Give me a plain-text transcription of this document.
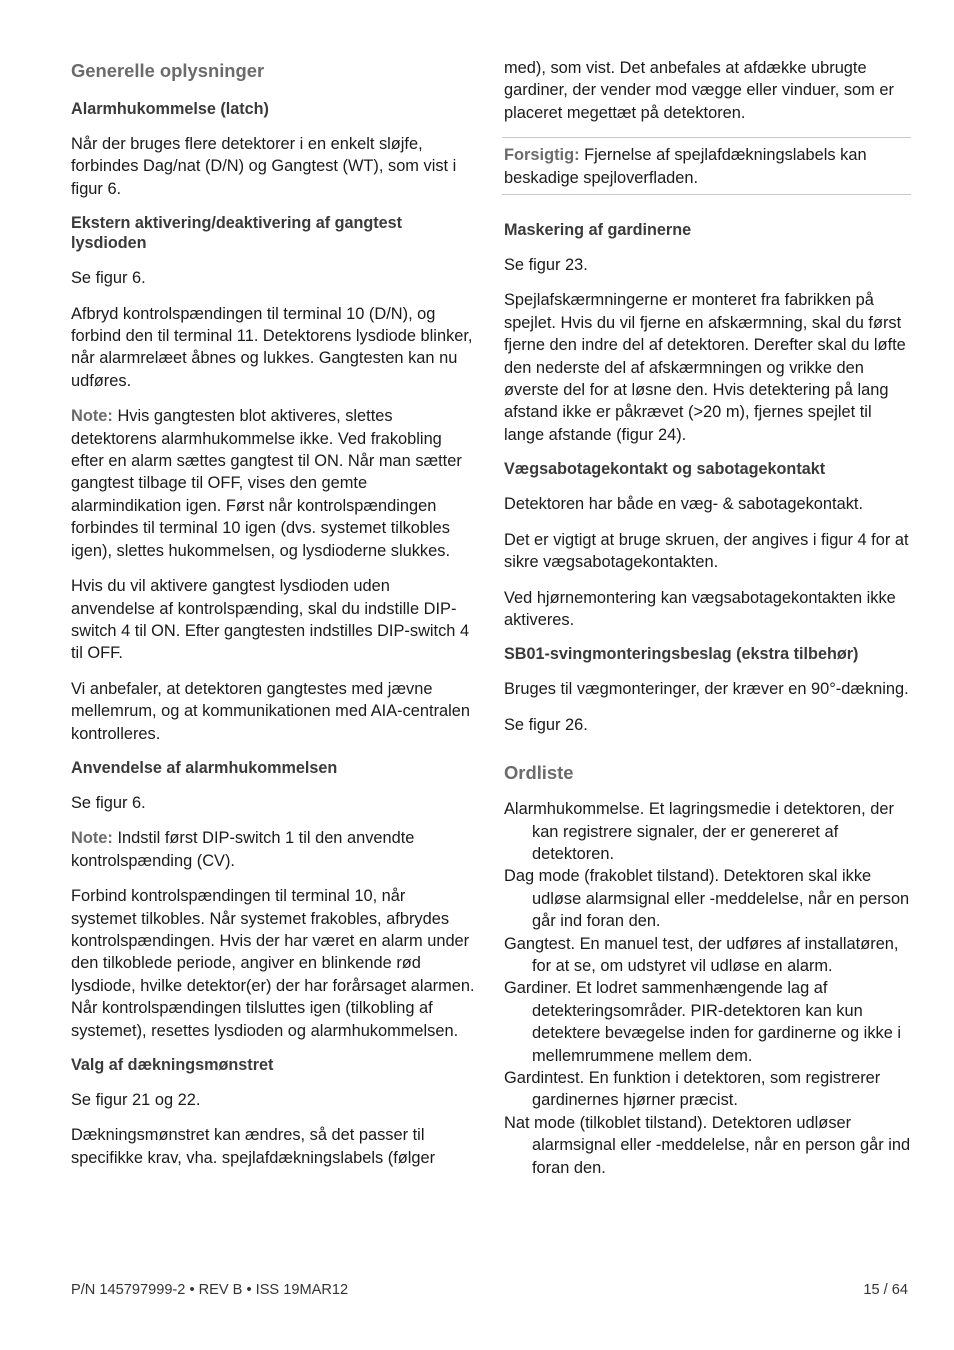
Generelle oplysninger
Alarmhukommelse (latch)

Når der bruges flere detektorer i en enkelt sløjfe, forbindes Dag/nat (D/N) og Gangtest (WT), som vist i figur 6.

Ekstern aktivering/deaktivering af gangtest lysdioden

Se figur 6.

Afbryd kontrolspændingen til terminal 10 (D/N), og forbind den til terminal 11. Detektorens lysdiode blinker, når alarmrelæet åbnes og lukkes. Gangtesten kan nu udføres.

Note: Hvis gangtesten blot aktiveres, slettes detektorens alarmhukommelse ikke. Ved frakobling efter en alarm sættes gangtest til ON. Når man sætter gangtest tilbage til OFF, vises den gemte alarmindikation igen. Først når kontrolspændingen forbindes til terminal 10 igen (dvs. systemet tilkobles igen), slettes hukommelsen, og lysdioderne slukkes.

Hvis du vil aktivere gangtest lysdioden uden anvendelse af kontrolspænding, skal du indstille DIP-switch 4 til ON. Efter gangtesten indstilles DIP-switch 4 til OFF.

Vi anbefaler, at detektoren gangtestes med jævne mellemrum, og at kommunikationen med AIA-centralen kontrolleres.

Anvendelse af alarmhukommelsen

Se figur 6.

Note: Indstil først DIP-switch 1 til den anvendte kontrolspænding (CV).

Forbind kontrolspændingen til terminal 10, når systemet tilkobles. Når systemet frakobles, afbrydes kontrolspændingen. Hvis der har været en alarm under den tilkoblede periode, angiver en blinkende rød lysdiode, hvilke detektor(er) der har forårsaget alarmen. Når kontrolspændingen tilsluttes igen (tilkobling af systemet), resettes lysdioden og alarmhukommelsen.

Valg af dækningsmønstret

Se figur 21 og 22.

Dækningsmønstret kan ændres, så det passer til specifikke krav, vha. spejlafdækningslabels (følger

med), som vist. Det anbefales at afdække ubrugte gardiner, der vender mod vægge eller vinduer, som er placeret megettæt på detektoren.

Forsigtig: Fjernelse af spejlafdækningslabels kan beskadige spejloverfladen.

Maskering af gardinerne

Se figur 23.

Spejlafskærmningerne er monteret fra fabrikken på spejlet. Hvis du vil fjerne en afskærmning, skal du først fjerne den indre del af detektoren. Derefter skal du løfte den nederste del af afskærmningen og vrikke den øverste del for at løsne den. Hvis detektering på lang afstand ikke er påkrævet (>20 m), fjernes spejlet til lange afstande (figur 24).

Vægsabotagekontakt og sabotagekontakt

Detektoren har både en væg- & sabotagekontakt.

Det er vigtigt at bruge skruen, der angives i figur 4 for at sikre vægsabotagekontakten.

Ved hjørnemontering kan vægsabotagekontakten ikke aktiveres.

SB01-svingmonteringsbeslag (ekstra tilbehør)

Bruges til vægmonteringer, der kræver en 90°-dækning.

Se figur 26.

Ordliste
Alarmhukommelse. Et lagringsmedie i detektoren, der kan registrere signaler, der er genereret af detektoren.
Dag mode (frakoblet tilstand). Detektoren skal ikke udløse alarmsignal eller -meddelelse, når en person går ind foran den.
Gangtest. En manuel test, der udføres af installatøren, for at se, om udstyret vil udløse en alarm.
Gardiner. Et lodret sammenhængende lag af detekteringsområder. PIR-detektoren kan kun detektere bevægelse inden for gardinerne og ikke i mellemrummene mellem dem.
Gardintest. En funktion i detektoren, som registrerer gardinernes hjørner præcist.
Nat mode (tilkoblet tilstand). Detektoren udløser alarmsignal eller -meddelelse, når en person går ind foran den.
P/N 145797999-2 • REV B • ISS 19MAR12	15 / 64
